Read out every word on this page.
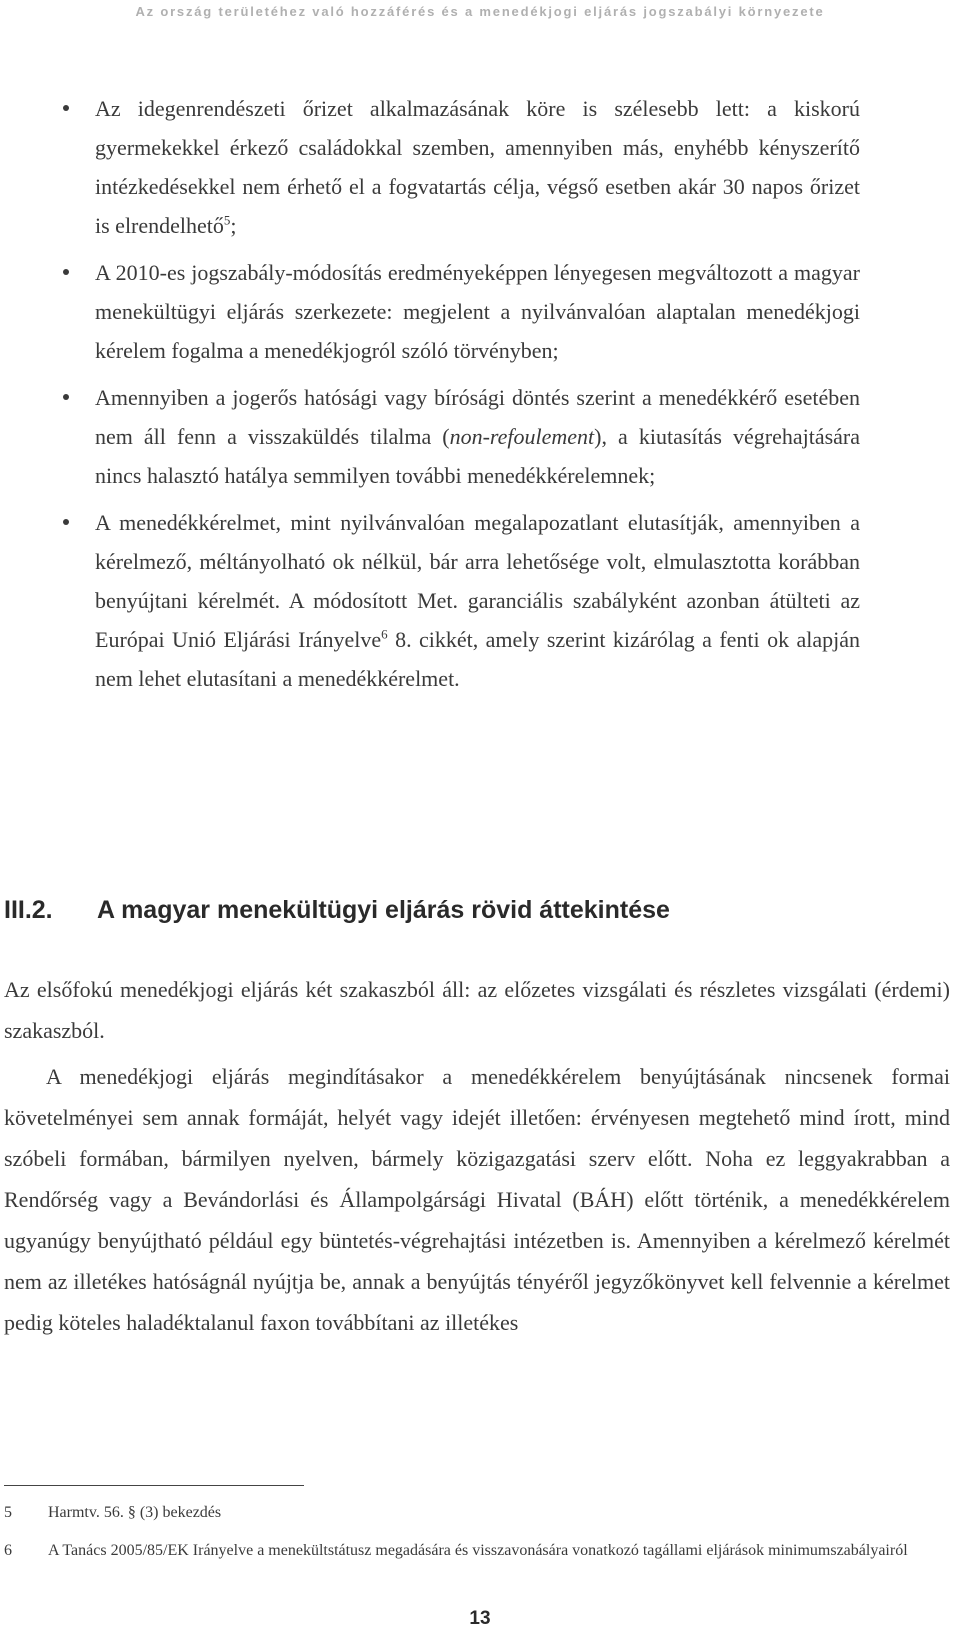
Az ország területéhez való hozzáférés és a menedékjogi eljárás jogszabályi környezete
Az idegenrendészeti őrizet alkalmazásának köre is szélesebb lett: a kiskorú gyermekekkel érkező családokkal szemben, amennyiben más, enyhébb kényszerítő intézkedésekkel nem érhető el a fogvatartás célja, végső esetben akár 30 napos őrizet is elrendelhető$^5$;
A 2010-es jogszabály-módosítás eredményeképpen lényegesen megváltozott a magyar menekültügyi eljárás szerkezete: megjelent a nyilvánvalóan alaptalan menedékjogi kérelem fogalma a menedékjogról szóló törvényben;
Amennyiben a jogerős hatósági vagy bírósági döntés szerint a menedékkérő esetében nem áll fenn a visszaküldés tilalma (non-refoulement), a kiutasítás végrehajtására nincs halasztó hatálya semmilyen további menedékkérelemnek;
A menedékkérelmet, mint nyilvánvalóan megalapozatlant elutasítják, amennyiben a kérelmező, méltányolható ok nélkül, bár arra lehetősége volt, elmulasztotta korábban benyújtani kérelmét. A módosított Met. garanciális szabályként azonban átülteti az Európai Unió Eljárási Irányelve$^6$ 8. cikkét, amely szerint kizárólag a fenti ok alapján nem lehet elutasítani a menedékkérelmet.
III.2. A magyar menekültügyi eljárás rövid áttekintése

Az elsőfokú menedékjogi eljárás két szakaszból áll: az előzetes vizsgálati és részletes vizsgálati (érdemi) szakaszból.

A menedékjogi eljárás megindításakor a menedékkérelem benyújtásának nincsenek formai követelményei sem annak formáját, helyét vagy idejét illetően: érvényesen megtehető mind írott, mind szóbeli formában, bármilyen nyelven, bármely közigazgatási szerv előtt. Noha ez leggyakrabban a Rendőrség vagy a Bevándorlási és Állampolgársági Hivatal (BÁH) előtt történik, a menedékkérelem ugyanúgy benyújtható például egy büntetés-végrehajtási intézetben is. Amennyiben a kérelmező kérelmét nem az illetékes hatóságnál nyújtja be, annak a benyújtás tényéről jegyzőkönyvet kell felvennie a kérelmet pedig köteles haladéktalanul faxon továbbítani az illetékes

5 Harmtv. 56. § (3) bekezdés
6 A Tanács 2005/85/EK Irányelve a menekültstátusz megadására és visszavonására vonatkozó tagállami eljárások minimumszabályairól
13
